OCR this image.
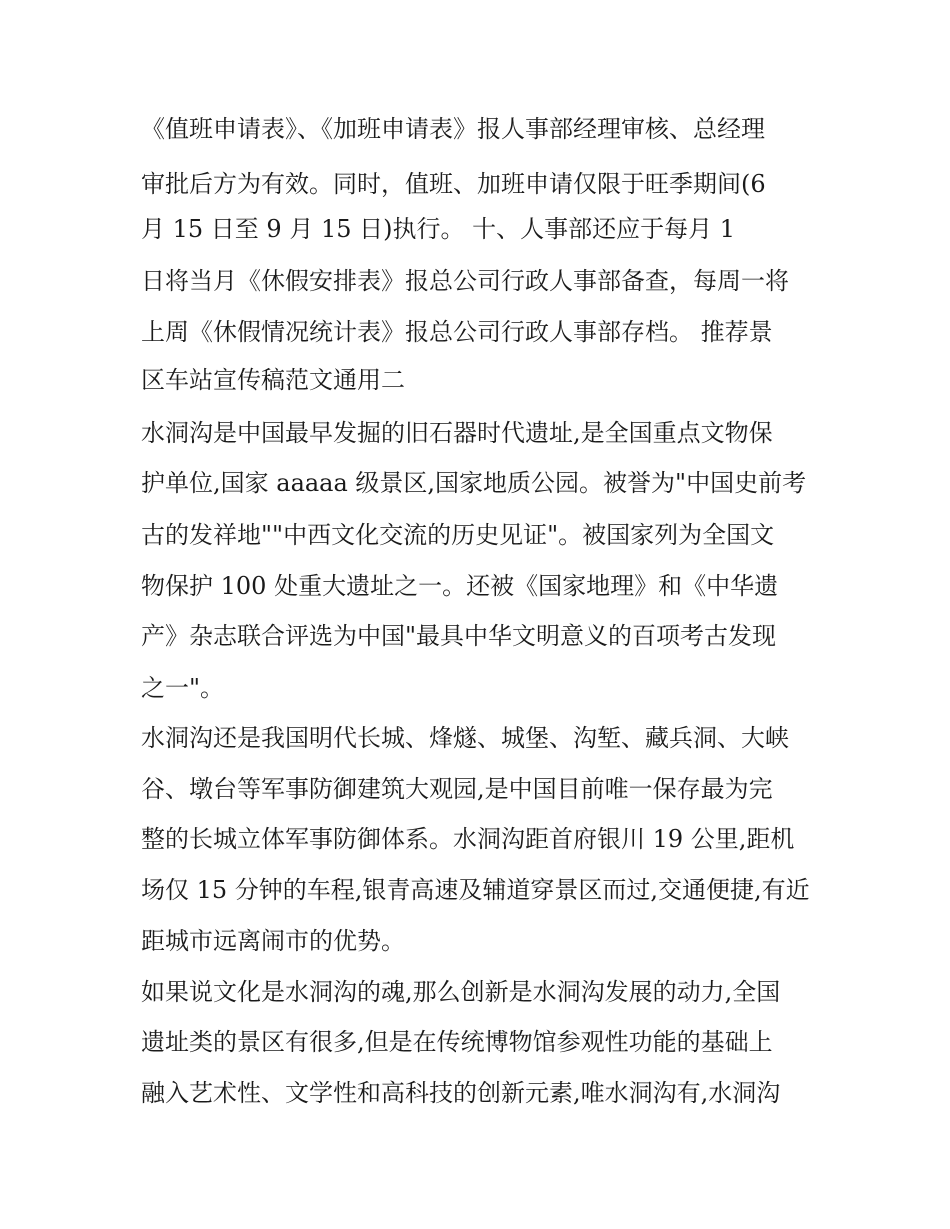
《值班申请表》、《加班申请表》报人事部经理审核、总经理
审批后方为有效。同时，值班、加班申请仅限于旺季期间(6
月 15 日至 9 月 15 日)执行。 十、人事部还应于每月 1
日将当月《休假安排表》报总公司行政人事部备查，每周一将
上周《休假情况统计表》报总公司行政人事部存档。 推荐景
区车站宣传稿范文通用二
水洞沟是中国最早发掘的旧石器时代遗址,是全国重点文物保
护单位,国家 aaaaa 级景区,国家地质公园。被誉为"中国史前考
古的发祥地""中西文化交流的历史见证"。被国家列为全国文
物保护 100 处重大遗址之一。还被《国家地理》和《中华遗
产》杂志联合评选为中国"最具中华文明意义的百项考古发现
之一"。
水洞沟还是我国明代长城、烽燧、城堡、沟堑、藏兵洞、大峡
谷、墩台等军事防御建筑大观园,是中国目前唯一保存最为完
整的长城立体军事防御体系。水洞沟距首府银川 19 公里,距机
场仅 15 分钟的车程,银青高速及辅道穿景区而过,交通便捷,有近
距城市远离闹市的优势。
如果说文化是水洞沟的魂,那么创新是水洞沟发展的动力,全国
遗址类的景区有很多,但是在传统博物馆参观性功能的基础上
融入艺术性、文学性和高科技的创新元素,唯水洞沟有,水洞沟
